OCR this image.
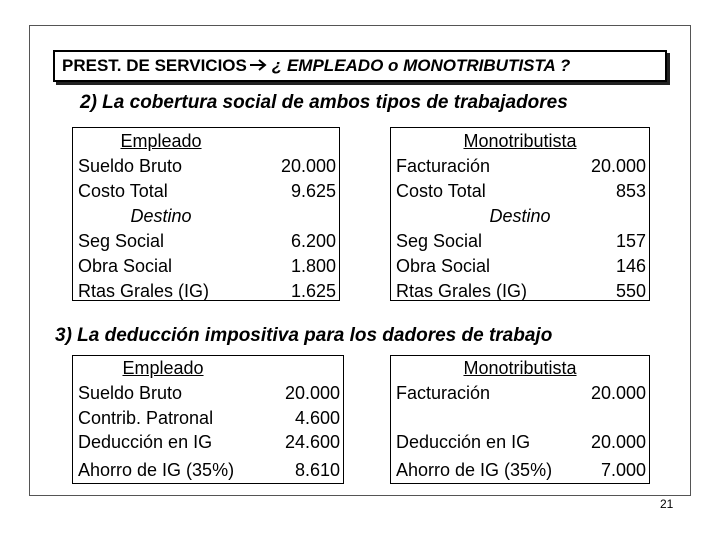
PREST. DE SERVICIOS ¿ EMPLEADO o MONOTRIBUTISTA ?
2) La cobertura social de ambos tipos de trabajadores
Empleado
Sueldo Bruto	20.000
Costo Total	9.625
Destino
Seg Social	6.200
Obra Social	1.800
Rtas Grales (IG)	1.625
Monotributista
Facturación	20.000
Costo Total	853
Destino
Seg Social	157
Obra Social	146
Rtas Grales (IG)	550
3) La deducción impositiva para los dadores de trabajo
Empleado
Sueldo Bruto	20.000
Contrib. Patronal	4.600
Deducción en IG	24.600
Ahorro de IG (35%)	8.610
Monotributista
Facturación	20.000
Deducción en IG	20.000
Ahorro de IG (35%)	7.000
21
